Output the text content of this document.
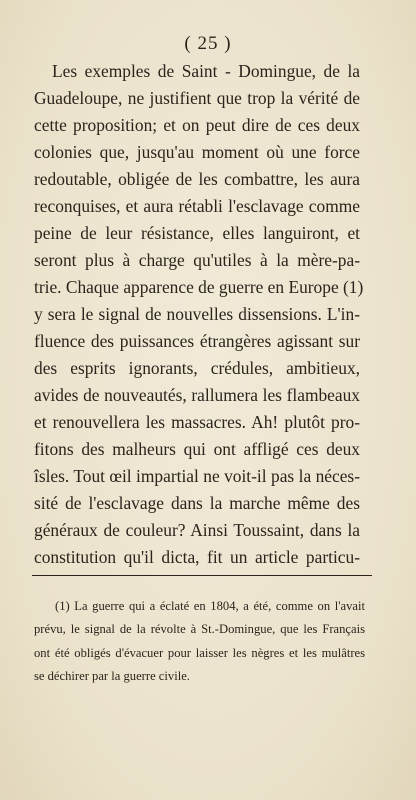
( 25 )
Les exemples de Saint - Domingue, de la
Guadeloupe, ne justifient que trop la vérité de
cette proposition; et on peut dire de ces deux
colonies que, jusqu'au moment où une force
redoutable, obligée de les combattre, les aura
reconquises, et aura rétabli l'esclavage comme
peine de leur résistance, elles languiront, et
seront plus à charge qu'utiles à la mère-pa-
trie. Chaque apparence de guerre en Europe (1)
y sera le signal de nouvelles dissensions. L'in-
fluence des puissances étrangères agissant sur
des esprits ignorants, crédules, ambitieux,
avides de nouveautés, rallumera les flambeaux
et renouvellera les massacres. Ah! plutôt pro-
fitons des malheurs qui ont affligé ces deux
îsles. Tout œil impartial ne voit-il pas la néces-
sité de l'esclavage dans la marche même des
généraux de couleur? Ainsi Toussaint, dans la
constitution qu'il dicta, fit un article particu-
(1) La guerre qui a éclaté en 1804, a été, comme on l'avait
prévu, le signal de la révolte à St.-Domingue, que les Français
ont été obligés d'évacuer pour laisser les nègres et les mulâtres
se déchirer par la guerre civile.
